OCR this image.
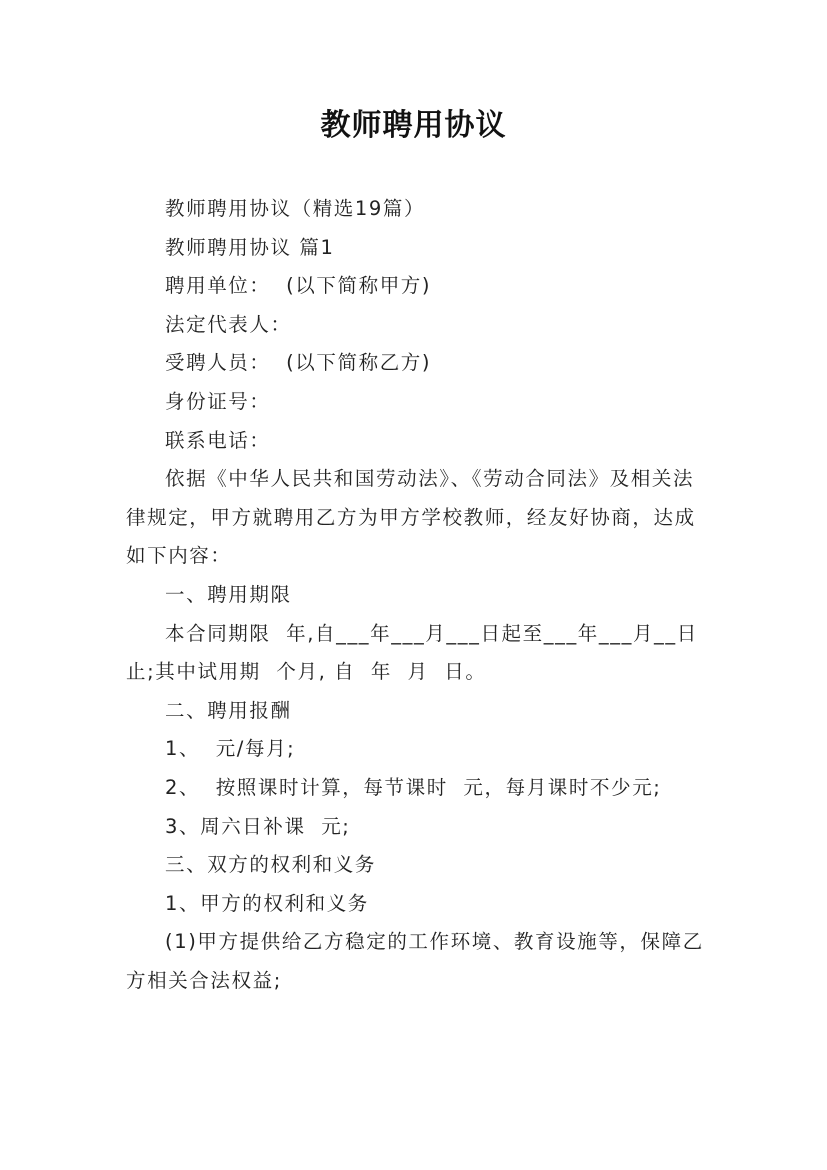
教师聘用协议

教师聘用协议（精选19篇）

教师聘用协议 篇1

聘用单位：  (以下简称甲方)

法定代表人：

受聘人员：  (以下简称乙方)

身份证号：

联系电话：

依据《中华人民共和国劳动法》、《劳动合同法》及相关法律规定，甲方就聘用乙方为甲方学校教师，经友好协商，达成如下内容：

一、聘用期限

本合同期限  年,自___年___月___日起至___年___月__日止;其中试用期  个月, 自  年  月  日。

二、聘用报酬

1、  元/每月;

2、  按照课时计算，每节课时  元，每月课时不少元;

3、周六日补课  元;

三、双方的权利和义务

1、甲方的权利和义务

(1)甲方提供给乙方稳定的工作环境、教育设施等，保障乙方相关合法权益;
